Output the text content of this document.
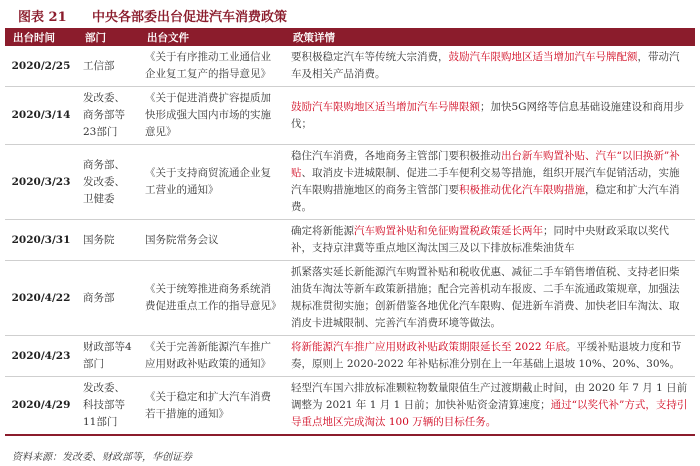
图表 21 中央各部委出台促进汽车消费政策
出台时间	部门	出台文件	政策详情
2020/2/25	工信部	《关于有序推动工业通信业企业复工复产的指导意见》	要积极稳定汽车等传统大宗消费，鼓励汽车限购地区适当增加汽车号牌配额，带动汽车及相关产品消费。
2020/3/14	发改委、商务部等23部门	《关于促进消费扩容提质加快形成强大国内市场的实施意见》	鼓励汽车限购地区适当增加汽车号牌限额；加快5G网络等信息基础设施建设和商用步伐；
2020/3/23	商务部、发改委、卫健委	《关于支持商贸流通企业复工营业的通知》	稳住汽车消费，各地商务主管部门要积极推动出台新车购置补贴、汽车“以旧换新”补贴、取消皮卡进城限制、促进二手车便利交易等措施，组织开展汽车促销活动，实施汽车限购措施地区的商务主管部门要积极推动优化汽车限购措施，稳定和扩大汽车消费。
2020/3/31	国务院	国务院常务会议	确定将新能源汽车购置补贴和免征购置税政策延长两年；同时中央财政采取以奖代补，支持京津冀等重点地区淘汰国三及以下排放标准柴油货车
2020/4/22	商务部	《关于统筹推进商务系统消费促进重点工作的指导意见》	抓紧落实延长新能源汽车购置补贴和税收优惠、减征二手车销售增值税、支持老旧柴油货车淘汰等新车政策新措施；配合完善机动车报废、二手车流通政策规章，加强法规标准贯彻实施；创新借鉴各地优化汽车限购、促进新车消费、加快老旧车淘汰、取消皮卡进城限制、完善汽车消费环境等做法。
2020/4/23	财政部等4部门	《关于完善新能源汽车推广应用财政补贴政策的通知》	将新能源汽车推广应用财政补贴政策期限延长至 2022 年底。平缓补贴退坡力度和节奏，原则上 2020-2022 年补贴标准分别在上一年基础上退坡 10%、20%、30%。
2020/4/29	发改委、科技部等11部门	《关于稳定和扩大汽车消费若干措施的通知》	轻型汽车国六排放标准颗粒物数量限值生产过渡期截止时间，由 2020 年 7 月 1 日前调整为 2021 年 1 月 1 日前；加快补贴资金清算速度；通过“以奖代补”方式，支持引导重点地区完成淘汰 100 万辆的目标任务。
资料来源：发改委、财政部等，华创证券
